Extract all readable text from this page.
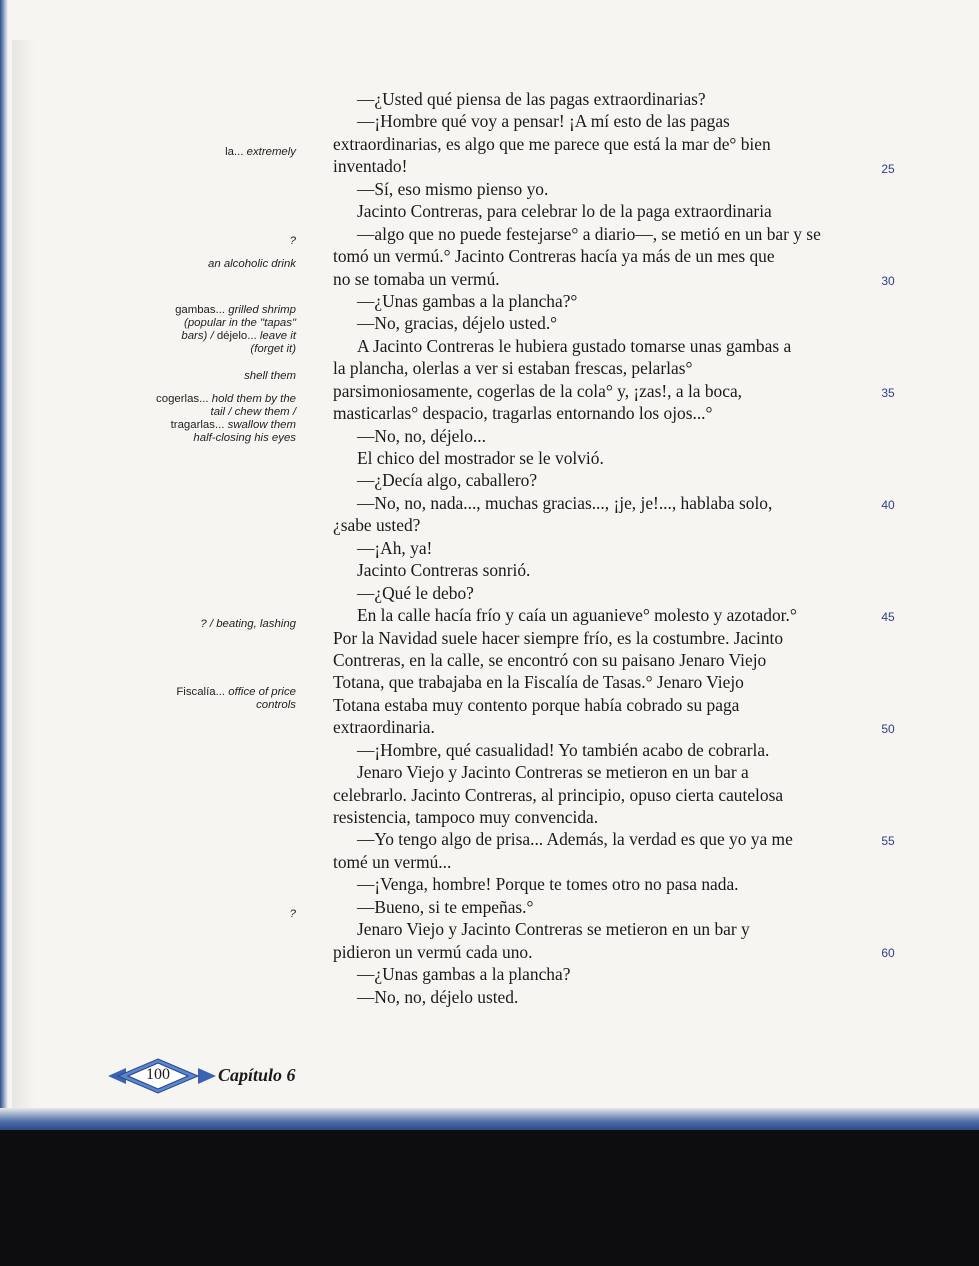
—¿Usted qué piensa de las pagas extraordinarias?
—¡Hombre qué voy a pensar! ¡A mí esto de las pagas
extraordinarias, es algo que me parece que está la mar de° bien
inventado!
—Sí, eso mismo pienso yo.
Jacinto Contreras, para celebrar lo de la paga extraordinaria
—algo que no puede festejarse° a diario—, se metió en un bar y se
tomó un vermú.° Jacinto Contreras hacía ya más de un mes que
no se tomaba un vermú.
—¿Unas gambas a la plancha?°
—No, gracias, déjelo usted.°
A Jacinto Contreras le hubiera gustado tomarse unas gambas a
la plancha, olerlas a ver si estaban frescas, pelarlas°
parsimoniosamente, cogerlas de la cola° y, ¡zas!, a la boca,
masticarlas° despacio, tragarlas entornando los ojos...°
—No, no, déjelo...
El chico del mostrador se le volvió.
—¿Decía algo, caballero?
—No, no, nada..., muchas gracias..., ¡je, je!..., hablaba solo,
¿sabe usted?
—¡Ah, ya!
Jacinto Contreras sonrió.
—¿Qué le debo?
En la calle hacía frío y caía un aguanieve° molesto y azotador.°
Por la Navidad suele hacer siempre frío, es la costumbre. Jacinto
Contreras, en la calle, se encontró con su paisano Jenaro Viejo
Totana, que trabajaba en la Fiscalía de Tasas.° Jenaro Viejo
Totana estaba muy contento porque había cobrado su paga
extraordinaria.
—¡Hombre, qué casualidad! Yo también acabo de cobrarla.
Jenaro Viejo y Jacinto Contreras se metieron en un bar a
celebrarlo. Jacinto Contreras, al principio, opuso cierta cautelosa
resistencia, tampoco muy convencida.
—Yo tengo algo de prisa... Además, la verdad es que yo ya me
tomé un vermú...
—¡Venga, hombre! Porque te tomes otro no pasa nada.
—Bueno, si te empeñas.°
Jenaro Viejo y Jacinto Contreras se metieron en un bar y
pidieron un vermú cada uno.
—¿Unas gambas a la plancha?
—No, no, déjelo usted.
la... extremely
?
an alcoholic drink
gambas... grilled shrimp
(popular in the "tapas"
bars) / déjelo... leave it
(forget it)
shell them
cogerlas... hold them by the
tail / chew them /
tragarlas... swallow them
half-closing his eyes
? / beating, lashing
Fiscalía... office of price
controls
?
25
30
35
40
45
50
55
60
100	Capítulo 6
